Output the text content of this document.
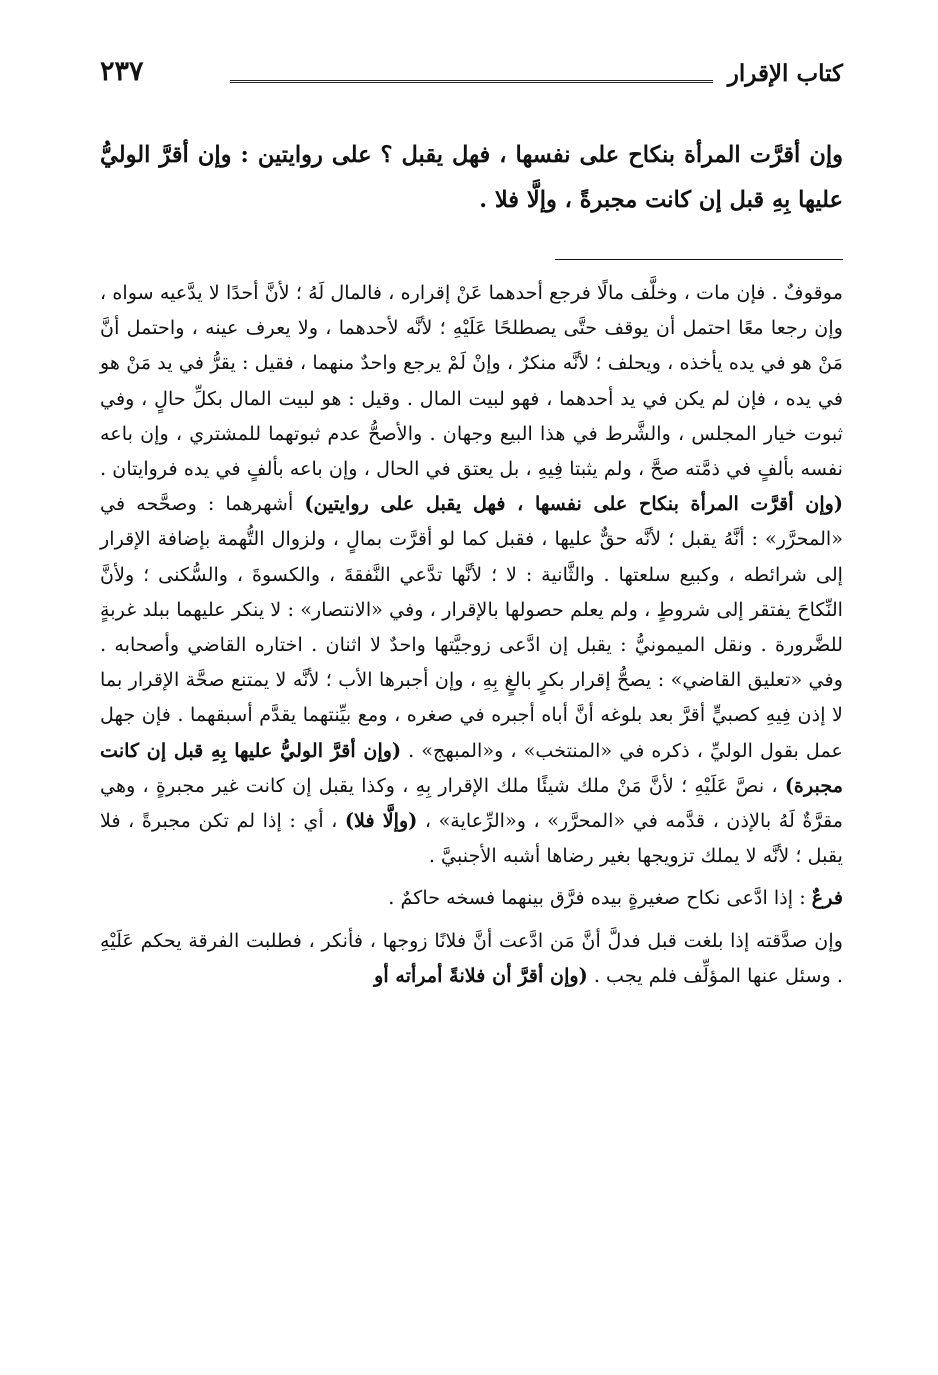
كتاب الإقرار
٢٣٧

وإن أقرَّت المرأة بنكاح على نفسها ، فهل يقبل ؟ على روايتين : وإن أقرَّ الوليُّ عليها بِهِ قبل إن كانت مجبرةً ، وإلَّا فلا .

موقوفٌ . فإن مات ، وخلَّف مالًا فرجع أحدهما عَنْ إقراره ، فالمال لَهُ ؛ لأنَّ أحدًا لا يدَّعيه سواه ، وإن رجعا معًا احتمل أن يوقف حتَّى يصطلحًا عَلَيْهِ ؛ لأنَّه لأحدهما ، ولا يعرف عينه ، واحتمل أنَّ مَنْ هو في يده يأخذه ، ويحلف ؛ لأنَّه منكرٌ ، وإنْ لَمْ يرجع واحدٌ منهما ، فقيل : يقرُّ في يد مَنْ هو في يده ، فإن لم يكن في يد أحدهما ، فهو لبيت المال . وقيل : هو لبيت المال بكلِّ حالٍ ، وفي ثبوت خيار المجلس ، والشَّرط في هذا البيع وجهان . والأصحُّ عدم ثبوتهما للمشتري ، وإن باعه نفسه بألفٍ في ذمَّته صحَّ ، ولم يثبتا فِيهِ ، بل يعتق في الحال ، وإن باعه بألفٍ في يده فروايتان . (وإن أقرَّت المرأة بنكاح على نفسها ، فهل يقبل على روايتين) أشهرهما : وصحَّحه في «المحرَّر» : أنَّهُ يقبل ؛ لأنَّه حقٌّ عليها ، فقبل كما لو أقرَّت بمالٍ ، ولزوال التُّهمة بإضافة الإقرار إلى شرائطه ، وكبيع سلعتها . والثَّانية : لا ؛ لأنَّها تدَّعي النَّفقةَ ، والكسوةَ ، والسُّكنى ؛ ولأنَّ النِّكاحَ يفتقر إلى شروطٍ ، ولم يعلم حصولها بالإقرار ، وفي «الانتصار» : لا ينكر عليهما ببلد غربةٍ للضَّرورة . ونقل الميمونيُّ : يقبل إن ادَّعى زوجيَّتها واحدٌ لا اثنان . اختاره القاضي وأصحابه . وفي «تعليق القاضي» : يصحُّ إقرار بكرٍ بالغٍ بِهِ ، وإن أجبرها الأب ؛ لأنَّه لا يمتنع صحَّة الإقرار بما لا إذن فِيهِ كصبيٍّ أقرَّ بعد بلوغه أنَّ أباه أجبره في صغره ، ومع بيِّنتهما يقدَّم أسبقهما . فإن جهل عمل بقول الوليِّ ، ذكره في «المنتخب» ، و«المبهج» . (وإن أقرَّ الوليُّ عليها بِهِ قبل إن كانت مجبرة) ، نصَّ عَلَيْهِ ؛ لأنَّ مَنْ ملك شيئًا ملك الإقرار بِهِ ، وكذا يقبل إن كانت غير مجبرةٍ ، وهي مقرَّةٌ لَهُ بالإذن ، قدَّمه في «المحرَّر» ، و«الرِّعاية» ، (وإلَّا فلا) ، أي : إذا لم تكن مجبرةً ، فلا يقبل ؛ لأنَّه لا يملك تزويجها بغير رضاها أشبه الأجنبيَّ .

فرعٌ : إذا ادَّعى نكاح صغيرةٍ بيده فرَّق بينهما فسخه حاكمٌ .

وإن صدَّقته إذا بلغت قبل فدلَّ أنَّ مَن ادَّعت أنَّ فلانًا زوجها ، فأنكر ، فطلبت الفرقة يحكم عَلَيْهِ . وسئل عنها المؤلِّف فلم يجب . (وإن أقرَّ أن فلانةً أمرأته أو
